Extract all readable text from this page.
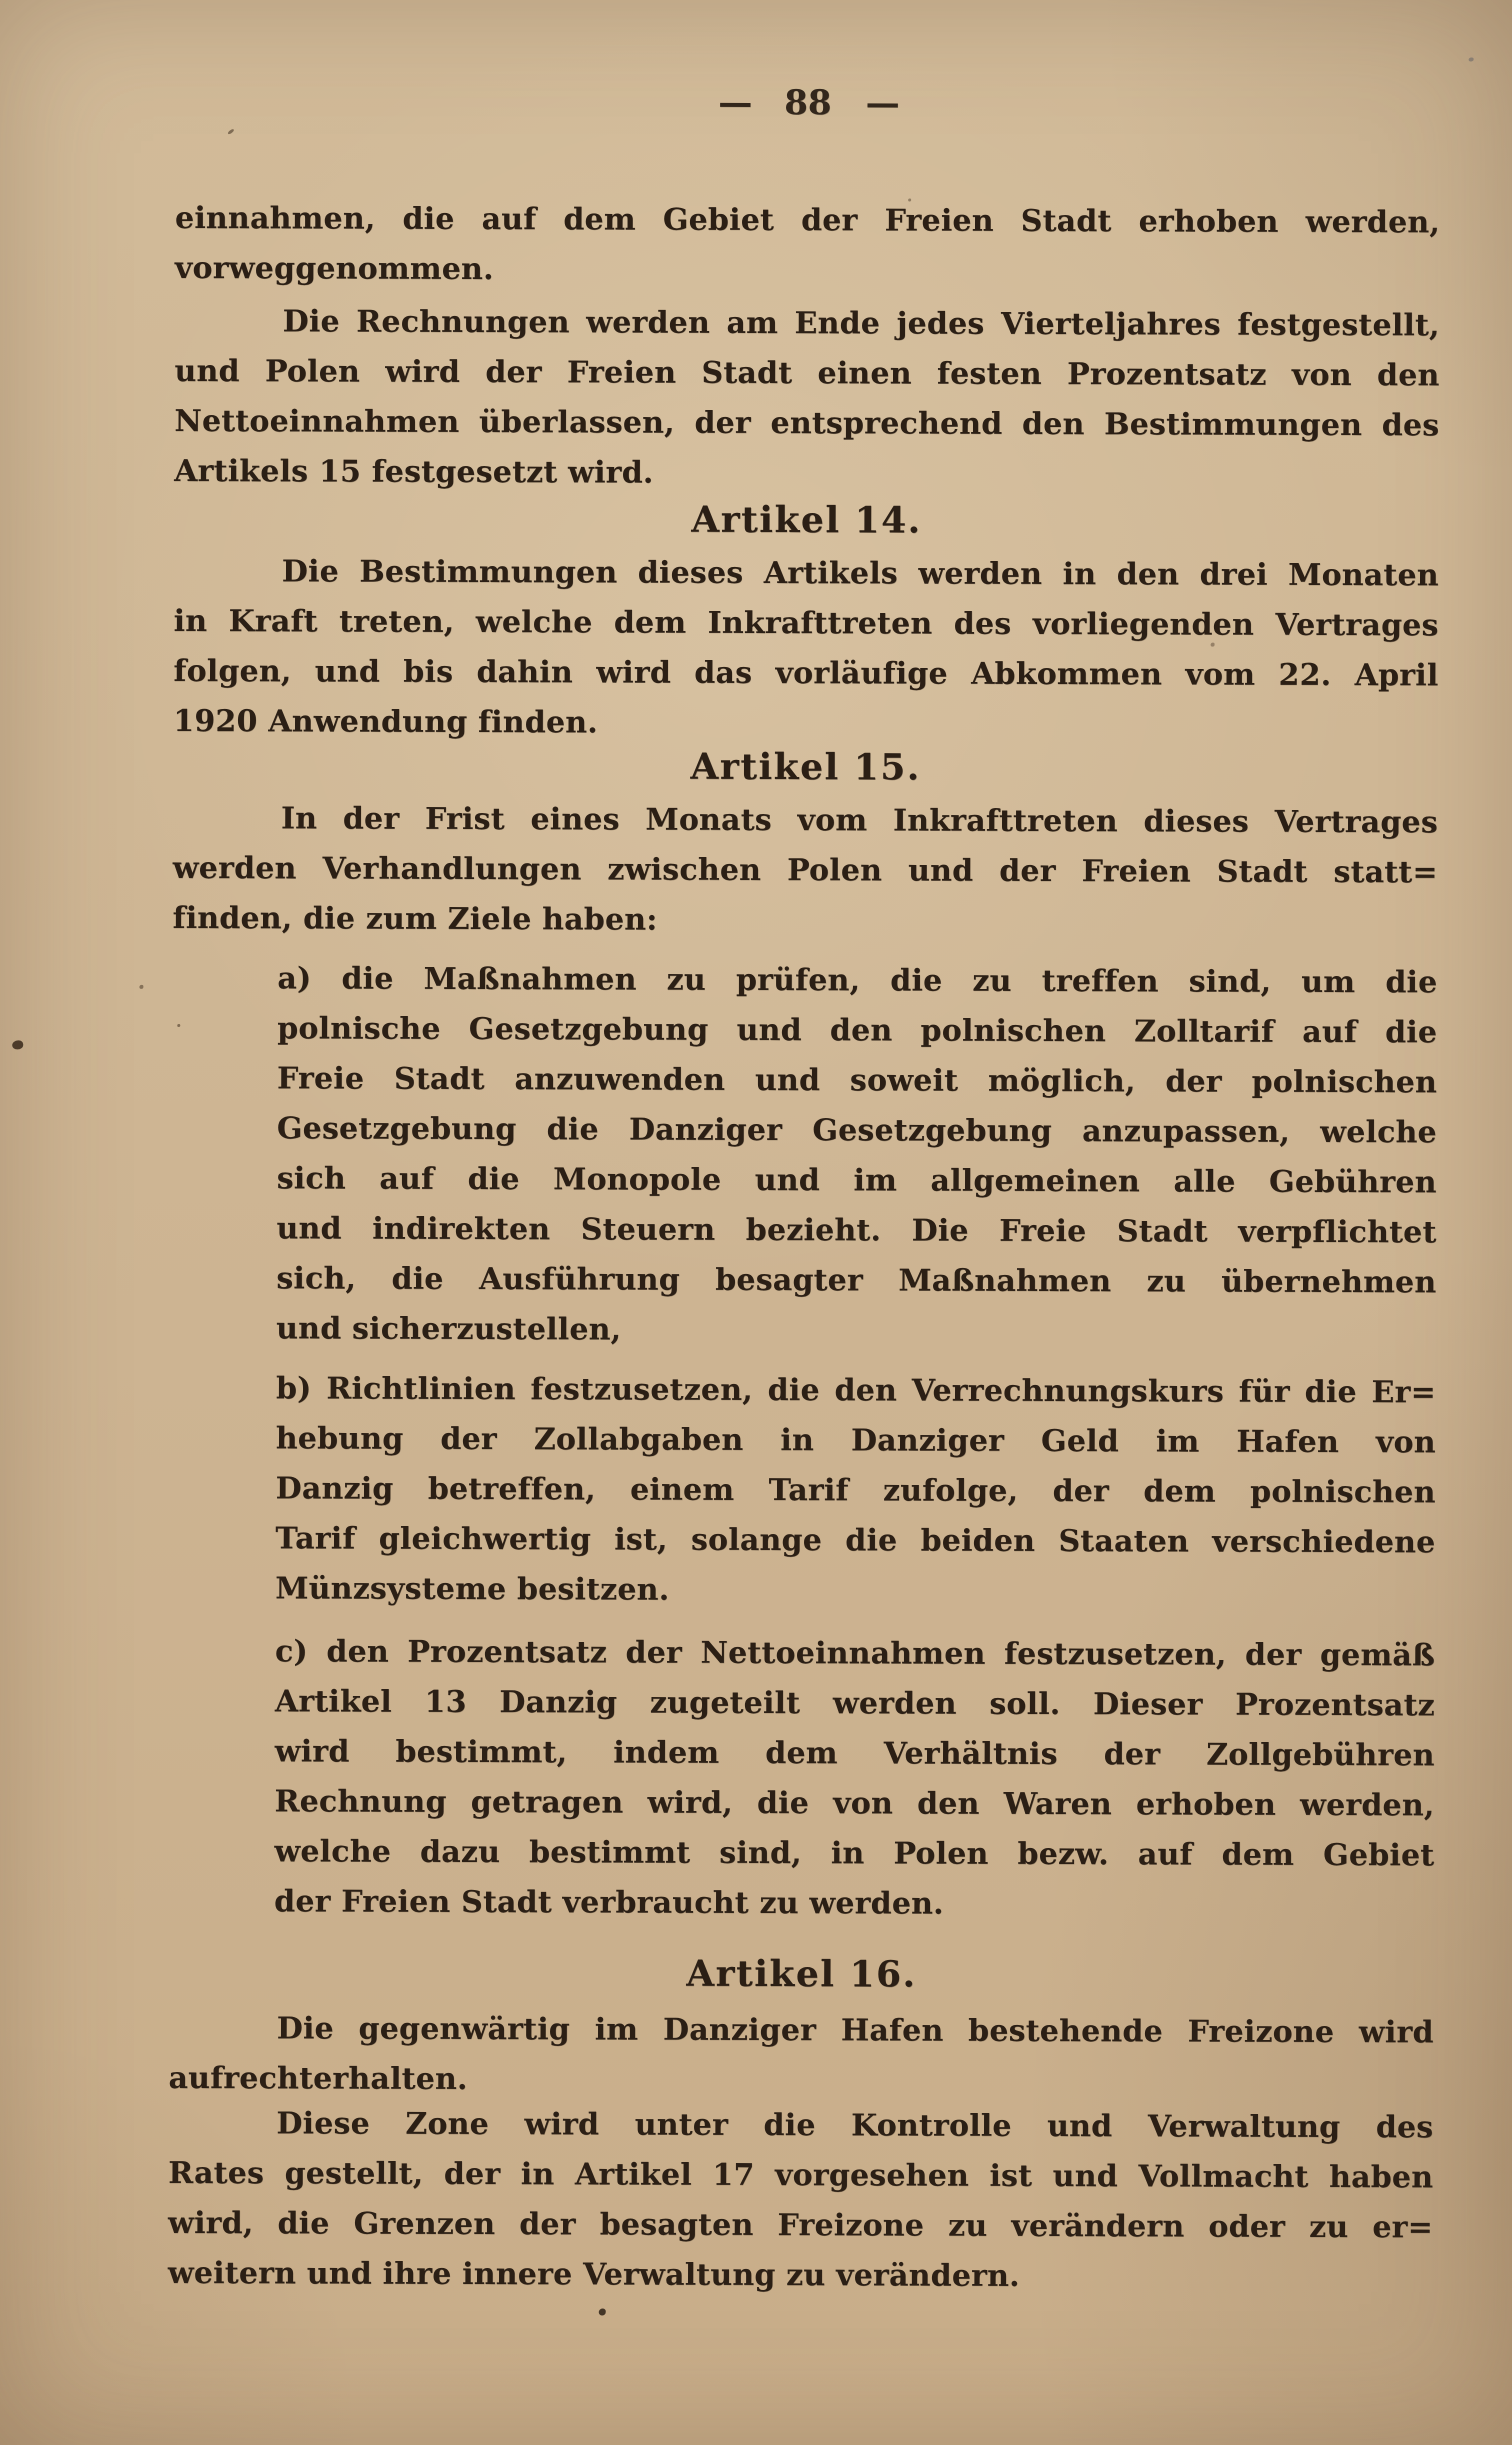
— 88 —
einnahmen, die auf dem Gebiet der Freien Stadt erhoben werden,
vorweggenommen.
Die Rechnungen werden am Ende jedes Vierteljahres festgestellt,
und Polen wird der Freien Stadt einen festen Prozentsatz von den
Nettoeinnahmen überlassen, der entsprechend den Bestimmungen des
Artikels 15 festgesetzt wird.
Artikel 14.
Die Bestimmungen dieses Artikels werden in den drei Monaten
in Kraft treten, welche dem Inkrafttreten des vorliegenden Vertrages
folgen, und bis dahin wird das vorläufige Abkommen vom 22. April
1920 Anwendung finden.
Artikel 15.
In der Frist eines Monats vom Inkrafttreten dieses Vertrages
werden Verhandlungen zwischen Polen und der Freien Stadt statt=
finden, die zum Ziele haben:
a) die Maßnahmen zu prüfen, die zu treffen sind, um die
polnische Gesetzgebung und den polnischen Zolltarif auf die
Freie Stadt anzuwenden und soweit möglich, der polnischen
Gesetzgebung die Danziger Gesetzgebung anzupassen, welche
sich auf die Monopole und im allgemeinen alle Gebühren
und indirekten Steuern bezieht. Die Freie Stadt verpflichtet
sich, die Ausführung besagter Maßnahmen zu übernehmen
und sicherzustellen,
b) Richtlinien festzusetzen, die den Verrechnungskurs für die Er=
hebung der Zollabgaben in Danziger Geld im Hafen von
Danzig betreffen, einem Tarif zufolge, der dem polnischen
Tarif gleichwertig ist, solange die beiden Staaten verschiedene
Münzsysteme besitzen.
c) den Prozentsatz der Nettoeinnahmen festzusetzen, der gemäß
Artikel 13 Danzig zugeteilt werden soll. Dieser Prozentsatz
wird bestimmt, indem dem Verhältnis der Zollgebühren
Rechnung getragen wird, die von den Waren erhoben werden,
welche dazu bestimmt sind, in Polen bezw. auf dem Gebiet
der Freien Stadt verbraucht zu werden.
Artikel 16.
Die gegenwärtig im Danziger Hafen bestehende Freizone wird
aufrechterhalten.
Diese Zone wird unter die Kontrolle und Verwaltung des
Rates gestellt, der in Artikel 17 vorgesehen ist und Vollmacht haben
wird, die Grenzen der besagten Freizone zu verändern oder zu er=
weitern und ihre innere Verwaltung zu verändern.
